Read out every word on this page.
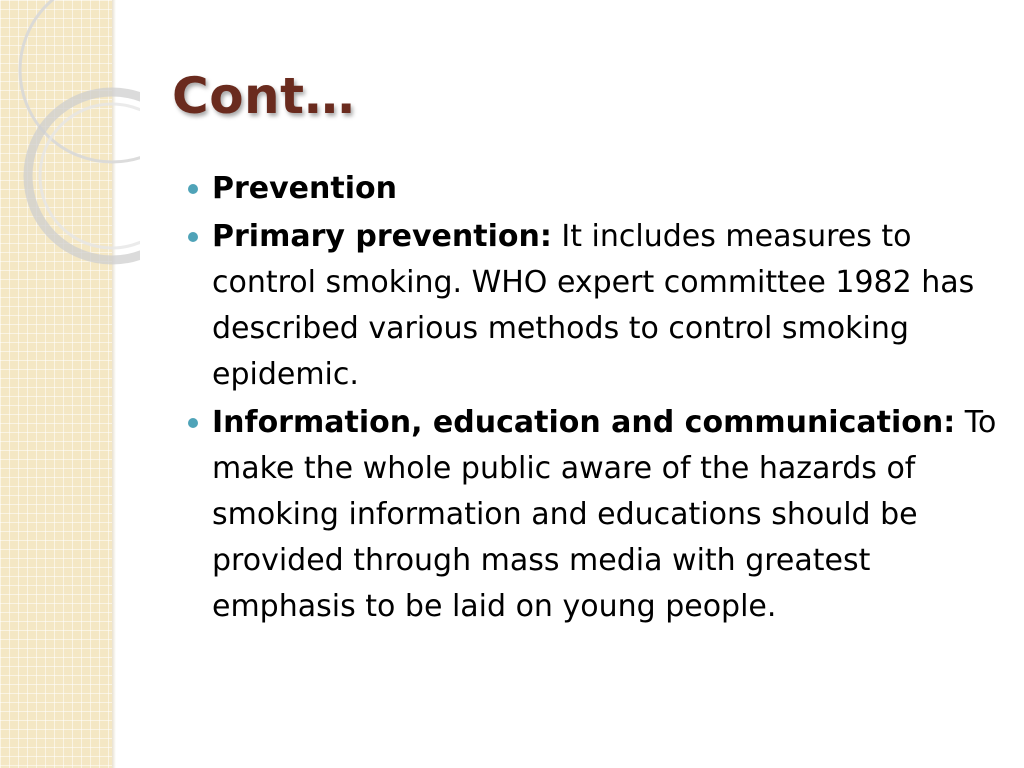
Cont…
Prevention
Primary prevention: It includes measures to control smoking. WHO expert committee 1982 has described various methods to control smoking epidemic.
Information, education and communication: To make the whole public aware of the hazards of smoking information and educations should be provided through mass media with greatest emphasis to be laid on young people.
